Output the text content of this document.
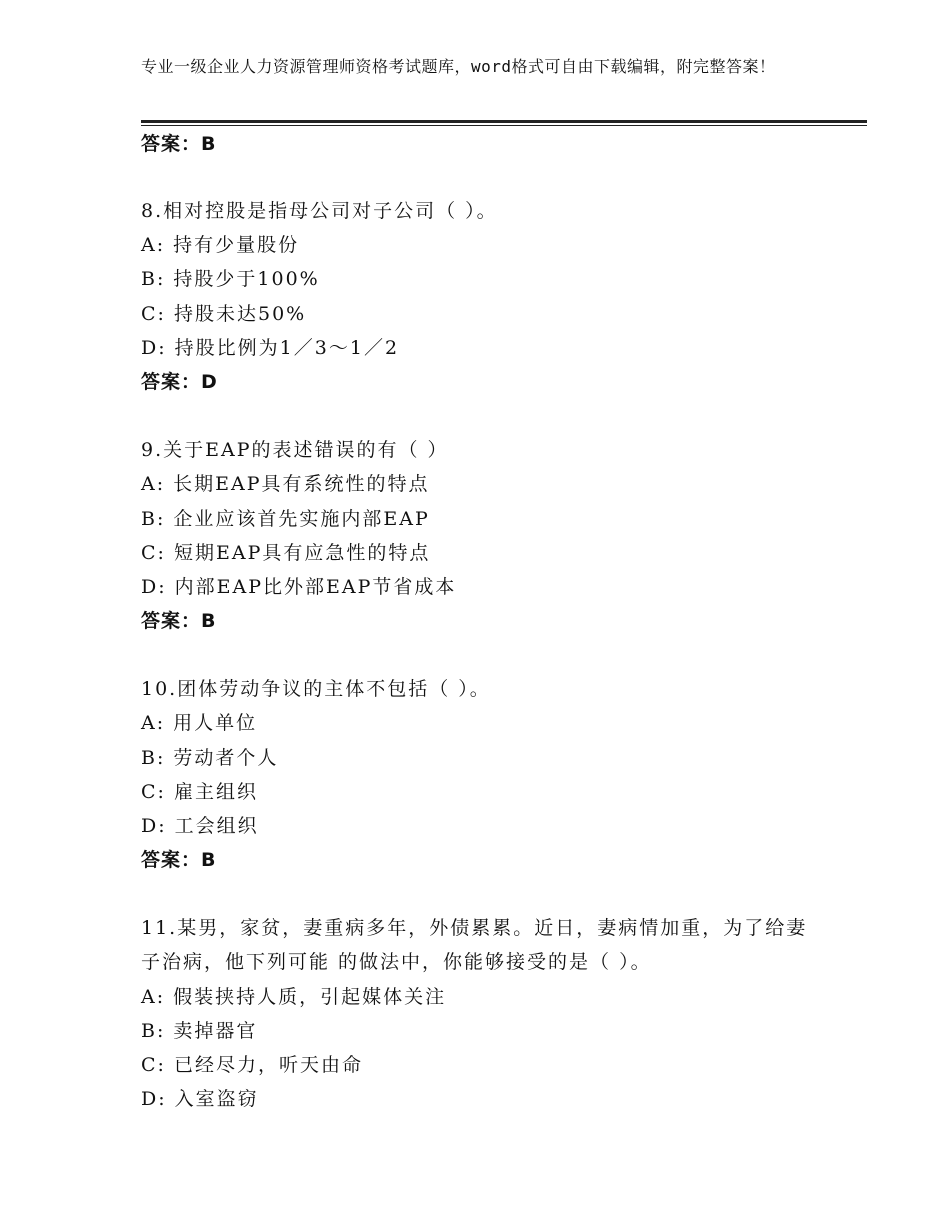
专业一级企业人力资源管理师资格考试题库，word格式可自由下载编辑，附完整答案！
答案：B
8.相对控股是指母公司对子公司（ ）。
A: 持有少量股份
B: 持股少于100%
C: 持股未达50%
D: 持股比例为1／3～1／2
答案：D
9.关于EAP的表述错误的有（ ）
A: 长期EAP具有系统性的特点
B: 企业应该首先实施内部EAP
C: 短期EAP具有应急性的特点
D: 内部EAP比外部EAP节省成本
答案：B
10.团体劳动争议的主体不包括（ ）。
A: 用人单位
B: 劳动者个人
C: 雇主组织
D: 工会组织
答案：B
11.某男，家贫，妻重病多年，外债累累。近日，妻病情加重，为了给妻子治病，他下列可能 的做法中，你能够接受的是（ ）。
A: 假装挟持人质，引起媒体关注
B: 卖掉器官
C: 已经尽力，听天由命
D: 入室盗窃
